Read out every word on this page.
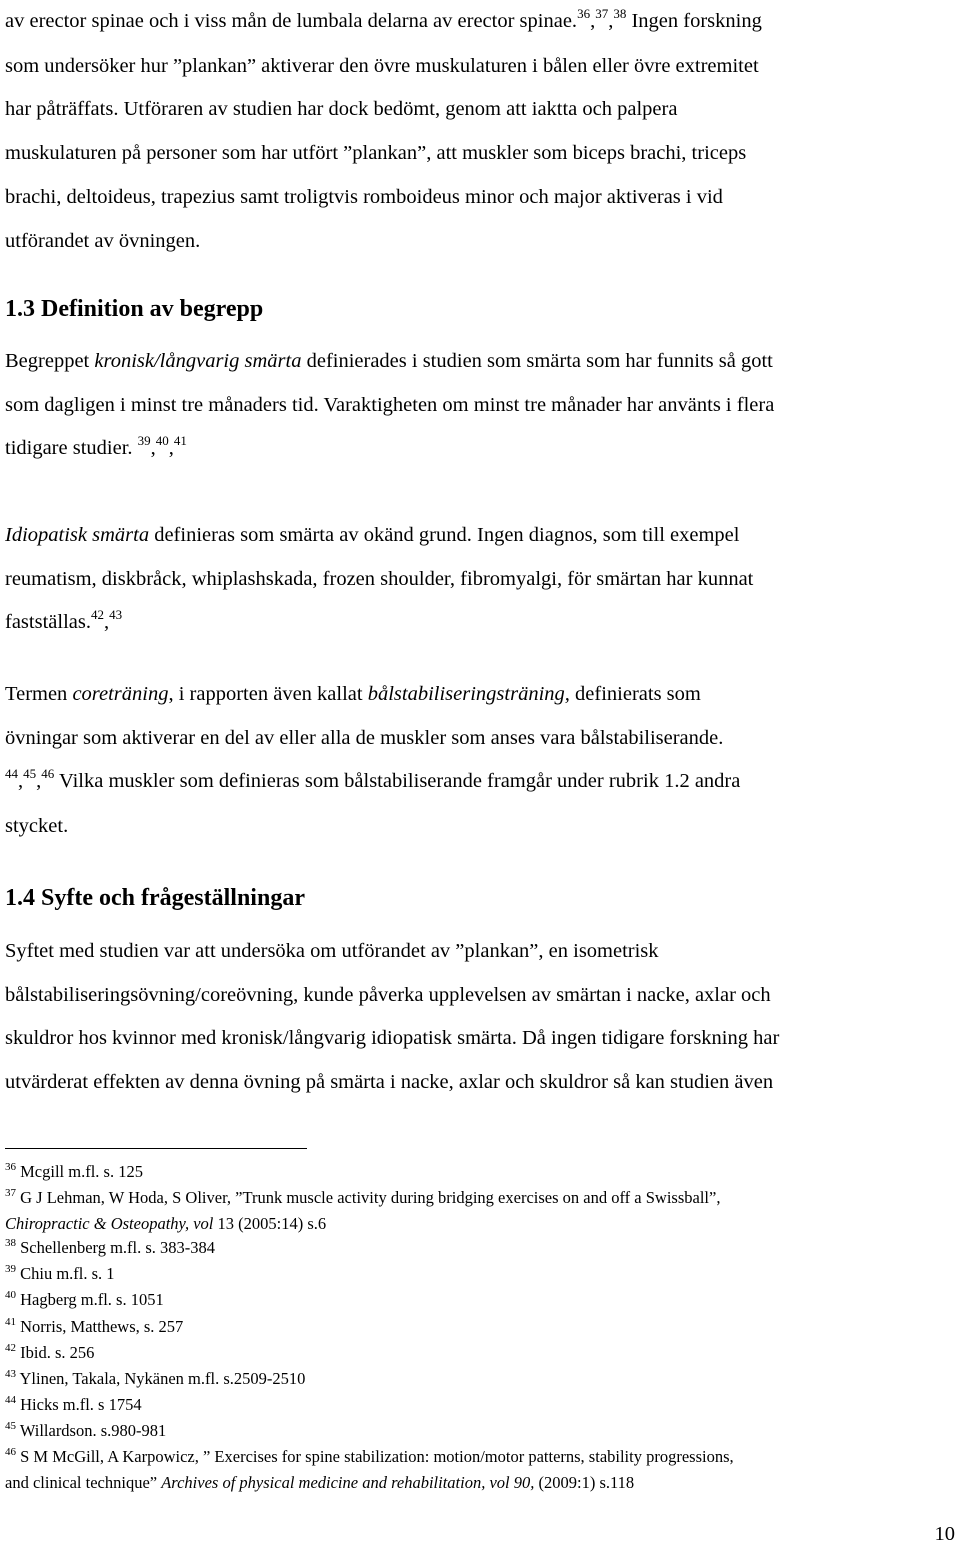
av erector spinae och i viss mån de lumbala delarna av erector spinae.$^{36}$,$^{37}$,$^{38}$ Ingen forskning

som undersöker hur ”plankan” aktiverar den övre muskulaturen i bålen eller övre extremitet

har påträffats. Utföraren av studien har dock bedömt, genom att iaktta och palpera

muskulaturen på personer som har utfört ”plankan”, att muskler som biceps brachi, triceps

brachi, deltoideus, trapezius samt troligtvis romboideus minor och major aktiveras i vid

utförandet av övningen.

1.3 Definition av begrepp

Begreppet kronisk/långvarig smärta definierades i studien som smärta som har funnits så gott

som dagligen i minst tre månaders tid. Varaktigheten om minst tre månader har använts i flera

tidigare studier. $^{39}$,$^{40}$,$^{41}$

Idiopatisk smärta definieras som smärta av okänd grund. Ingen diagnos, som till exempel

reumatism, diskbråck, whiplashskada, frozen shoulder, fibromyalgi, för smärtan har kunnat

fastställas.$^{42}$,$^{43}$

Termen coreträning, i rapporten även kallat bålstabiliseringsträning, definierats som

övningar som aktiverar en del av eller alla de muskler som anses vara bålstabiliserande.

$^{44}$,$^{45}$,$^{46}$ Vilka muskler som definieras som bålstabiliserande framgår under rubrik 1.2 andra

stycket.

1.4 Syfte och frågeställningar

Syftet med studien var att undersöka om utförandet av ”plankan”, en isometrisk

bålstabiliseringsövning/coreövning, kunde påverka upplevelsen av smärtan i nacke, axlar och

skuldror hos kvinnor med kronisk/långvarig idiopatisk smärta. Då ingen tidigare forskning har

utvärderat effekten av denna övning på smärta i nacke, axlar och skuldror så kan studien även

$^{36}$ Mcgill m.fl. s. 125

$^{37}$ G J Lehman, W Hoda, S Oliver, ”Trunk muscle activity during bridging exercises on and off a Swissball”,

Chiropractic & Osteopathy, vol 13 (2005:14) s.6

$^{38}$ Schellenberg m.fl. s. 383-384

$^{39}$ Chiu m.fl. s. 1

$^{40}$ Hagberg m.fl. s. 1051

$^{41}$ Norris, Matthews, s. 257

$^{42}$ Ibid. s. 256

$^{43}$ Ylinen, Takala, Nykänen m.fl. s.2509-2510

$^{44}$ Hicks m.fl. s 1754

$^{45}$ Willardson. s.980-981

$^{46}$ S M McGill, A Karpowicz, ” Exercises for spine stabilization: motion/motor patterns, stability progressions,

and clinical technique” Archives of physical medicine and rehabilitation, vol 90, (2009:1) s.118

10
